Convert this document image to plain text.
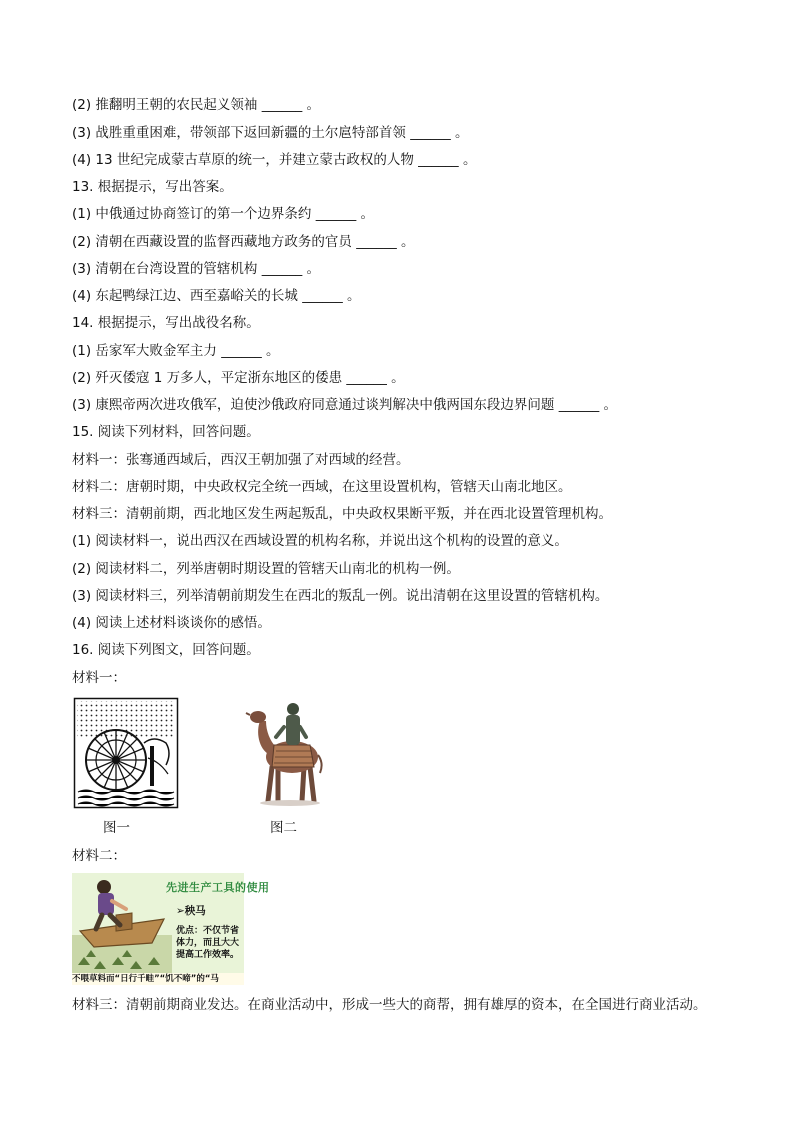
(2) 推翻明王朝的农民起义领袖 ______ 。
(3) 战胜重重困难，带领部下返回新疆的土尔扈特部首领 ______ 。
(4) 13 世纪完成蒙古草原的统一，并建立蒙古政权的人物 ______ 。
13. 根据提示，写出答案。
(1) 中俄通过协商签订的第一个边界条约 ______ 。
(2) 清朝在西藏设置的监督西藏地方政务的官员 ______ 。
(3) 清朝在台湾设置的管辖机构 ______ 。
(4) 东起鸭绿江边、西至嘉峪关的长城 ______ 。
14. 根据提示，写出战役名称。
(1) 岳家军大败金军主力 ______ 。
(2) 歼灭倭寇 1 万多人，平定浙东地区的倭患 ______ 。
(3) 康熙帝两次进攻俄军，迫使沙俄政府同意通过谈判解决中俄两国东段边界问题 ______ 。
15. 阅读下列材料，回答问题。
材料一：张骞通西域后，西汉王朝加强了对西域的经营。
材料二：唐朝时期，中央政权完全统一西域，在这里设置机构，管辖天山南北地区。
材料三：清朝前期，西北地区发生两起叛乱，中央政权果断平叛，并在西北设置管理机构。
(1) 阅读材料一，说出西汉在西域设置的机构名称，并说出这个机构的设置的意义。
(2) 阅读材料二，列举唐朝时期设置的管辖天山南北的机构一例。
(3) 阅读材料三，列举清朝前期发生在西北的叛乱一例。说出清朝在这里设置的管辖机构。
(4) 阅读上述材料谈谈你的感悟。
16. 阅读下列图文，回答问题。
材料一：
图一	图二
材料二：
先进生产工具的使用
➢秧马
优点：不仅节省体力，而且大大提高工作效率。
不喂草料而“日行千畦”“饥不啼”的“马
材料三：清朝前期商业发达。在商业活动中，形成一些大的商帮，拥有雄厚的资本，在全国进行商业活动。
